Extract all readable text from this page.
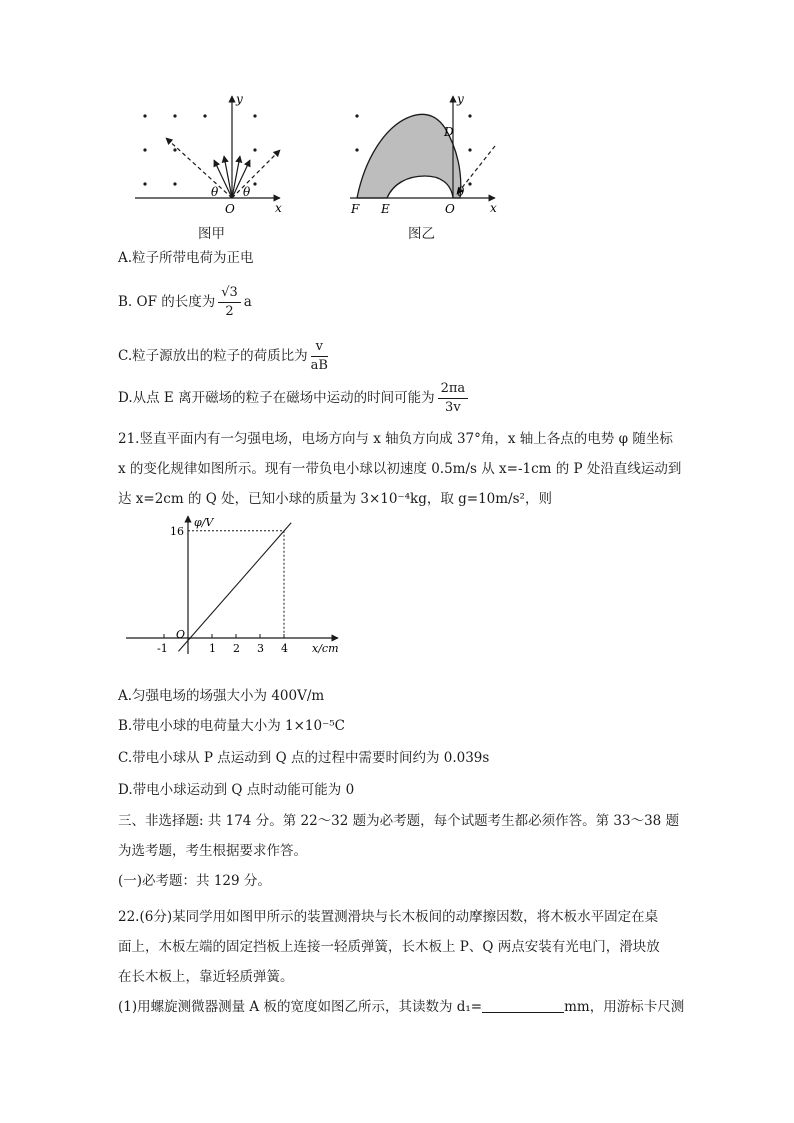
y
x
O
θ θ
图甲
y
x
O
D
F E
θ
图乙
A.粒子所带电荷为正电
B. OF 的长度为 $\frac{√3}{2}$ a
C.粒子源放出的粒子的荷质比为 $\frac{v}{aB}$
D.从点 E 离开磁场的粒子在磁场中运动的时间可能为 $\frac{2\pi a}{3v}$
21.竖直平面内有一匀强电场，电场方向与 x 轴负方向成 37°角，x 轴上各点的电势 φ 随坐标
x 的变化规律如图所示。现有一带负电小球以初速度 0.5m/s 从 x=-1cm 的 P 处沿直线运动到
达 x=2cm 的 Q 处，已知小球的质量为 3×10⁻⁴kg，取 g=10m/s²，则
φ/V
x/cm
O
-1	1 2 3 4
16
A.匀强电场的场强大小为 400V/m
B.带电小球的电荷量大小为 1×10⁻⁵C
C.带电小球从 P 点运动到 Q 点的过程中需要时间约为 0.039s
D.带电小球运动到 Q 点时动能可能为 0
三、非选择题: 共 174 分。第 22～32 题为必考题，每个试题考生都必须作答。第 33～38 题
为选考题，考生根据要求作答。
(一)必考题：共 129 分。
22.(6分)某同学用如图甲所示的装置测滑块与长木板间的动摩擦因数，将木板水平固定在桌
面上，木板左端的固定挡板上连接一轻质弹簧，长木板上 P、Q 两点安装有光电门，滑块放
在长木板上，靠近轻质弹簧。
(1)用螺旋测微器测量 A 板的宽度如图乙所示，其读数为 d₁=	mm，用游标卡尺测
